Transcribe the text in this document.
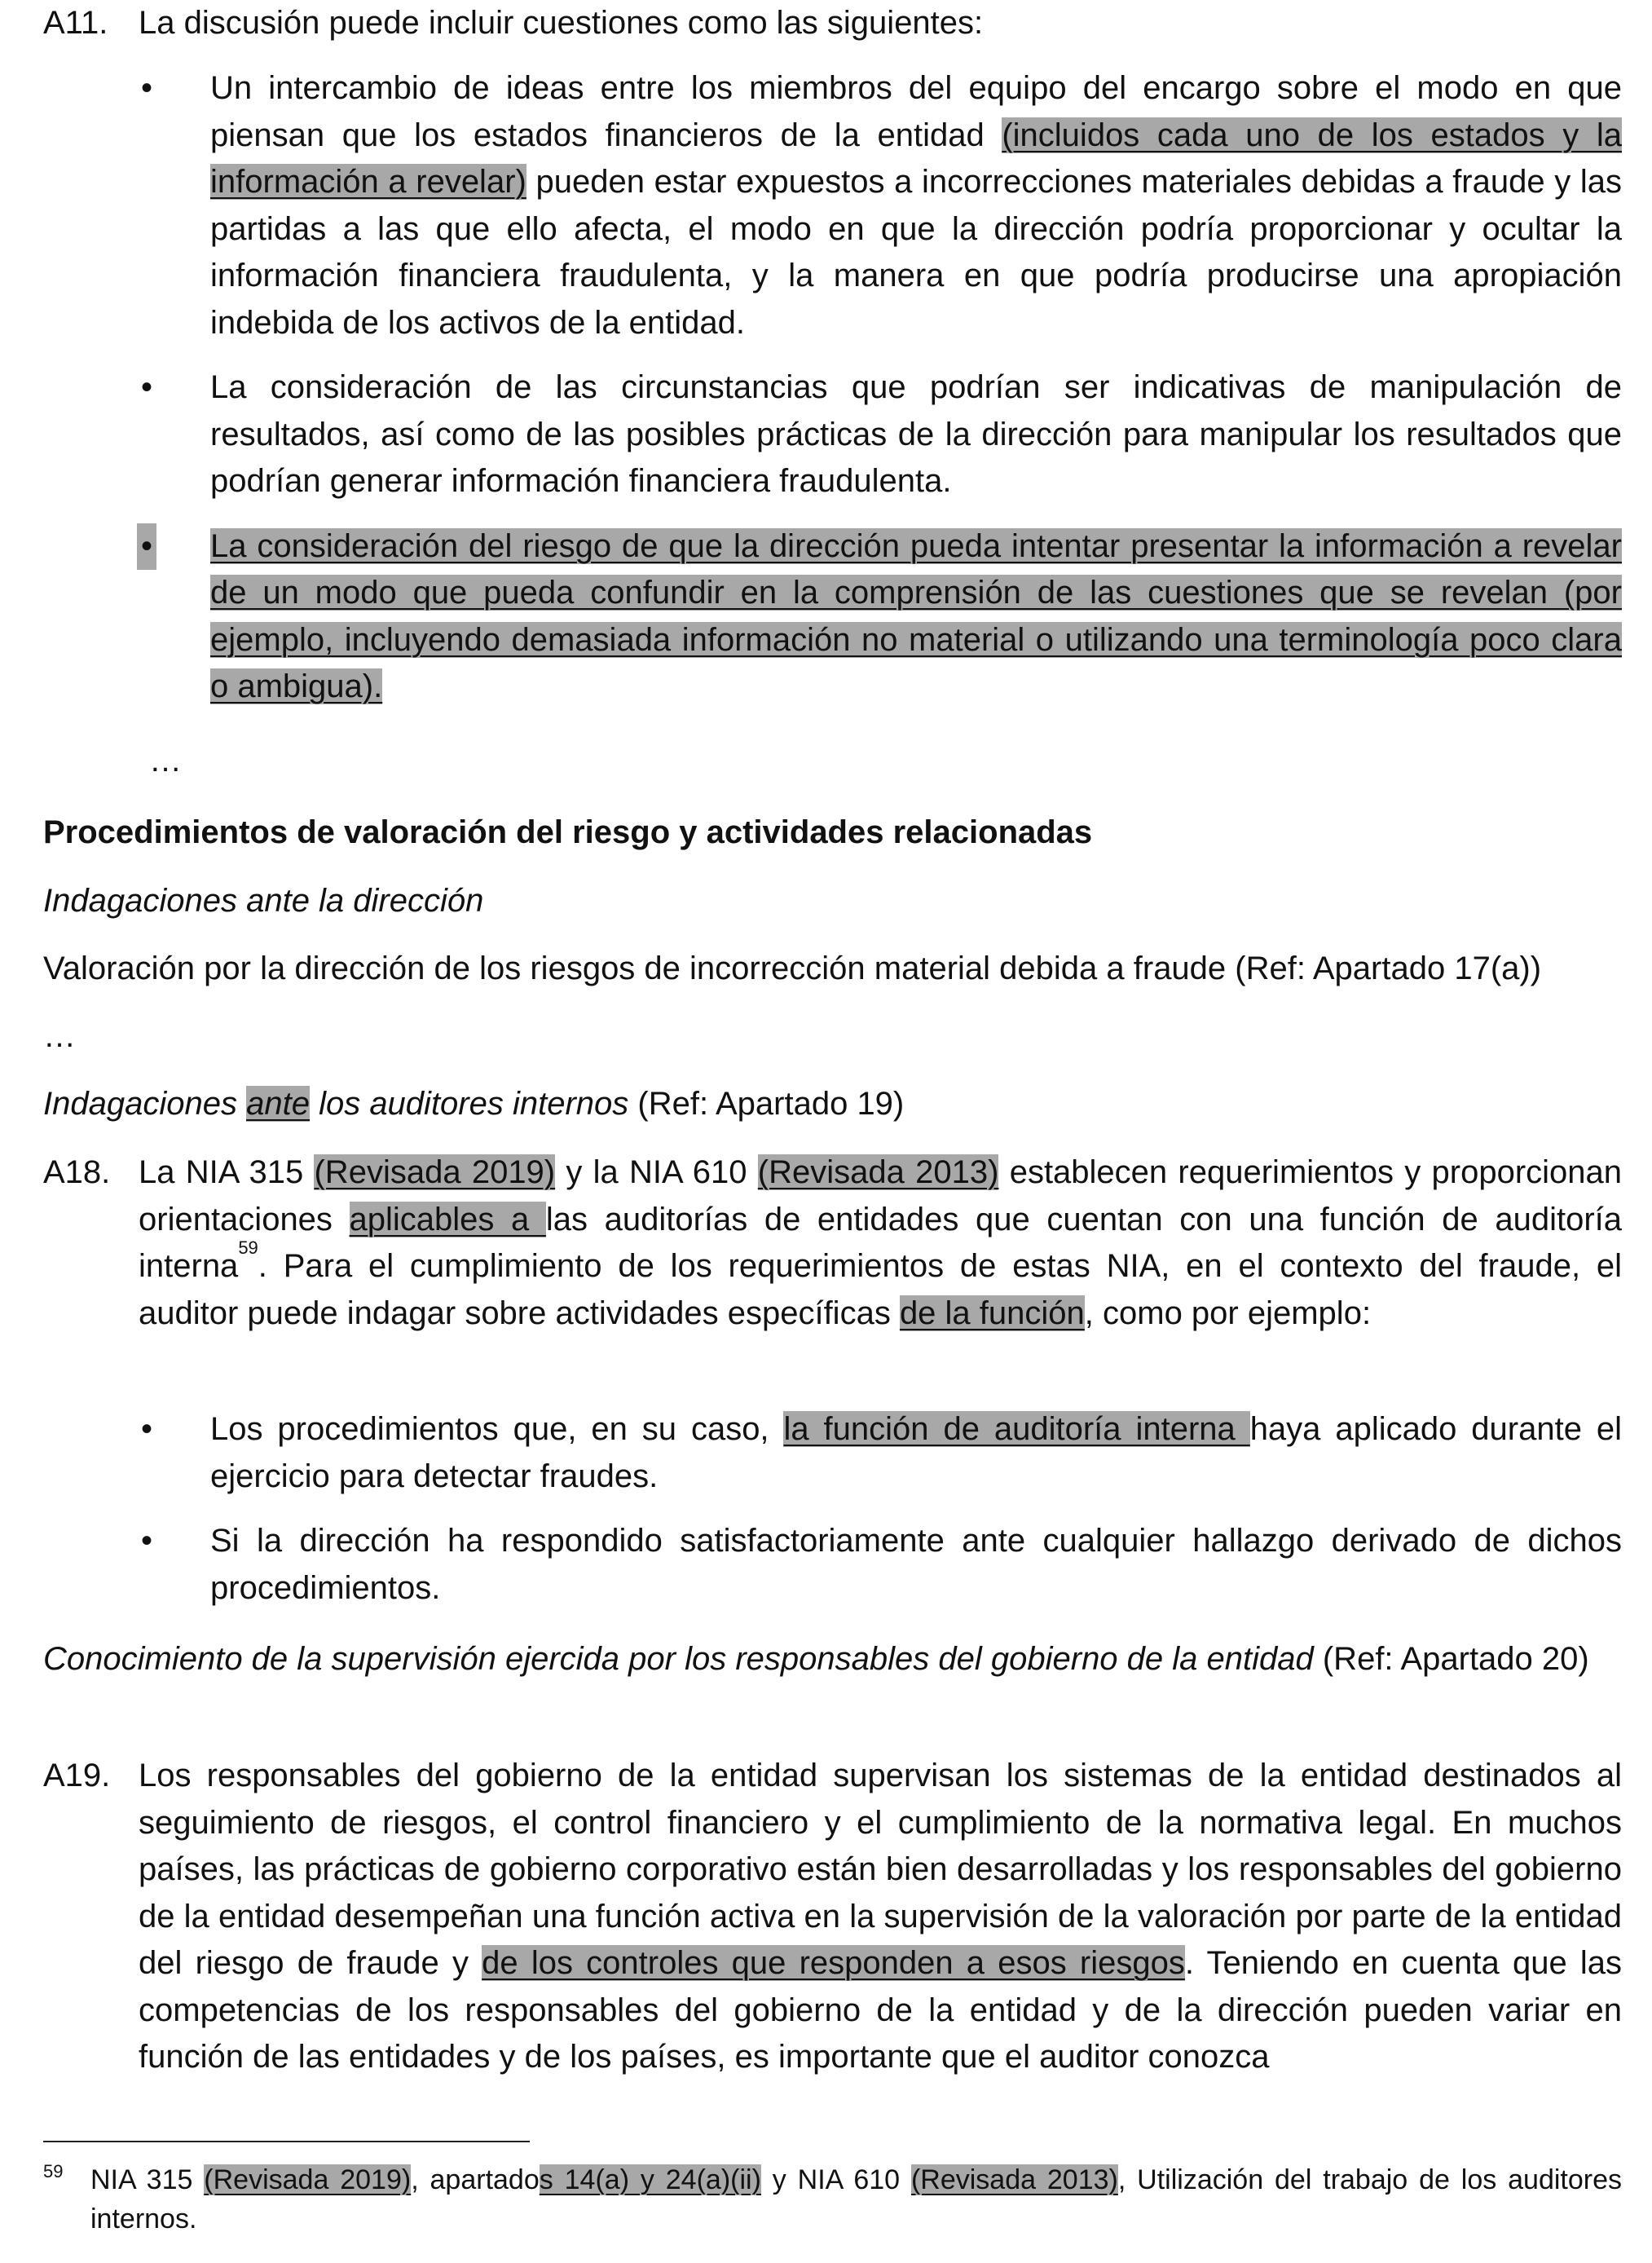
A11. La discusión puede incluir cuestiones como las siguientes:
• Un intercambio de ideas entre los miembros del equipo del encargo sobre el modo en que piensan que los estados financieros de la entidad (incluidos cada uno de los estados y la información a revelar) pueden estar expuestos a incorrecciones materiales debidas a fraude y las partidas a las que ello afecta, el modo en que la dirección podría proporcionar y ocultar la información financiera fraudulenta, y la manera en que podría producirse una apropiación indebida de los activos de la entidad.
• La consideración de las circunstancias que podrían ser indicativas de manipulación de resultados, así como de las posibles prácticas de la dirección para manipular los resultados que podrían generar información financiera fraudulenta.
• La consideración del riesgo de que la dirección pueda intentar presentar la información a revelar de un modo que pueda confundir en la comprensión de las cuestiones que se revelan (por ejemplo, incluyendo demasiada información no material o utilizando una terminología poco clara o ambigua).
…
Procedimientos de valoración del riesgo y actividades relacionadas
Indagaciones ante la dirección
Valoración por la dirección de los riesgos de incorrección material debida a fraude (Ref: Apartado 17(a))
…
Indagaciones ante los auditores internos (Ref: Apartado 19)
A18. La NIA 315 (Revisada 2019) y la NIA 610 (Revisada 2013) establecen requerimientos y proporcionan orientaciones aplicables a las auditorías de entidades que cuentan con una función de auditoría interna$^{59}$. Para el cumplimiento de los requerimientos de estas NIA, en el contexto del fraude, el auditor puede indagar sobre actividades específicas de la función, como por ejemplo:
• Los procedimientos que, en su caso, la función de auditoría interna haya aplicado durante el ejercicio para detectar fraudes.
• Si la dirección ha respondido satisfactoriamente ante cualquier hallazgo derivado de dichos procedimientos.
Conocimiento de la supervisión ejercida por los responsables del gobierno de la entidad (Ref: Apartado 20)
A19. Los responsables del gobierno de la entidad supervisan los sistemas de la entidad destinados al seguimiento de riesgos, el control financiero y el cumplimiento de la normativa legal. En muchos países, las prácticas de gobierno corporativo están bien desarrolladas y los responsables del gobierno de la entidad desempeñan una función activa en la supervisión de la valoración por parte de la entidad del riesgo de fraude y de los controles que responden a esos riesgos. Teniendo en cuenta que las competencias de los responsables del gobierno de la entidad y de la dirección pueden variar en función de las entidades y de los países, es importante que el auditor conozca
59 NIA 315 (Revisada 2019), apartados 14(a) y 24(a)(ii) y NIA 610 (Revisada 2013), Utilización del trabajo de los auditores internos.
